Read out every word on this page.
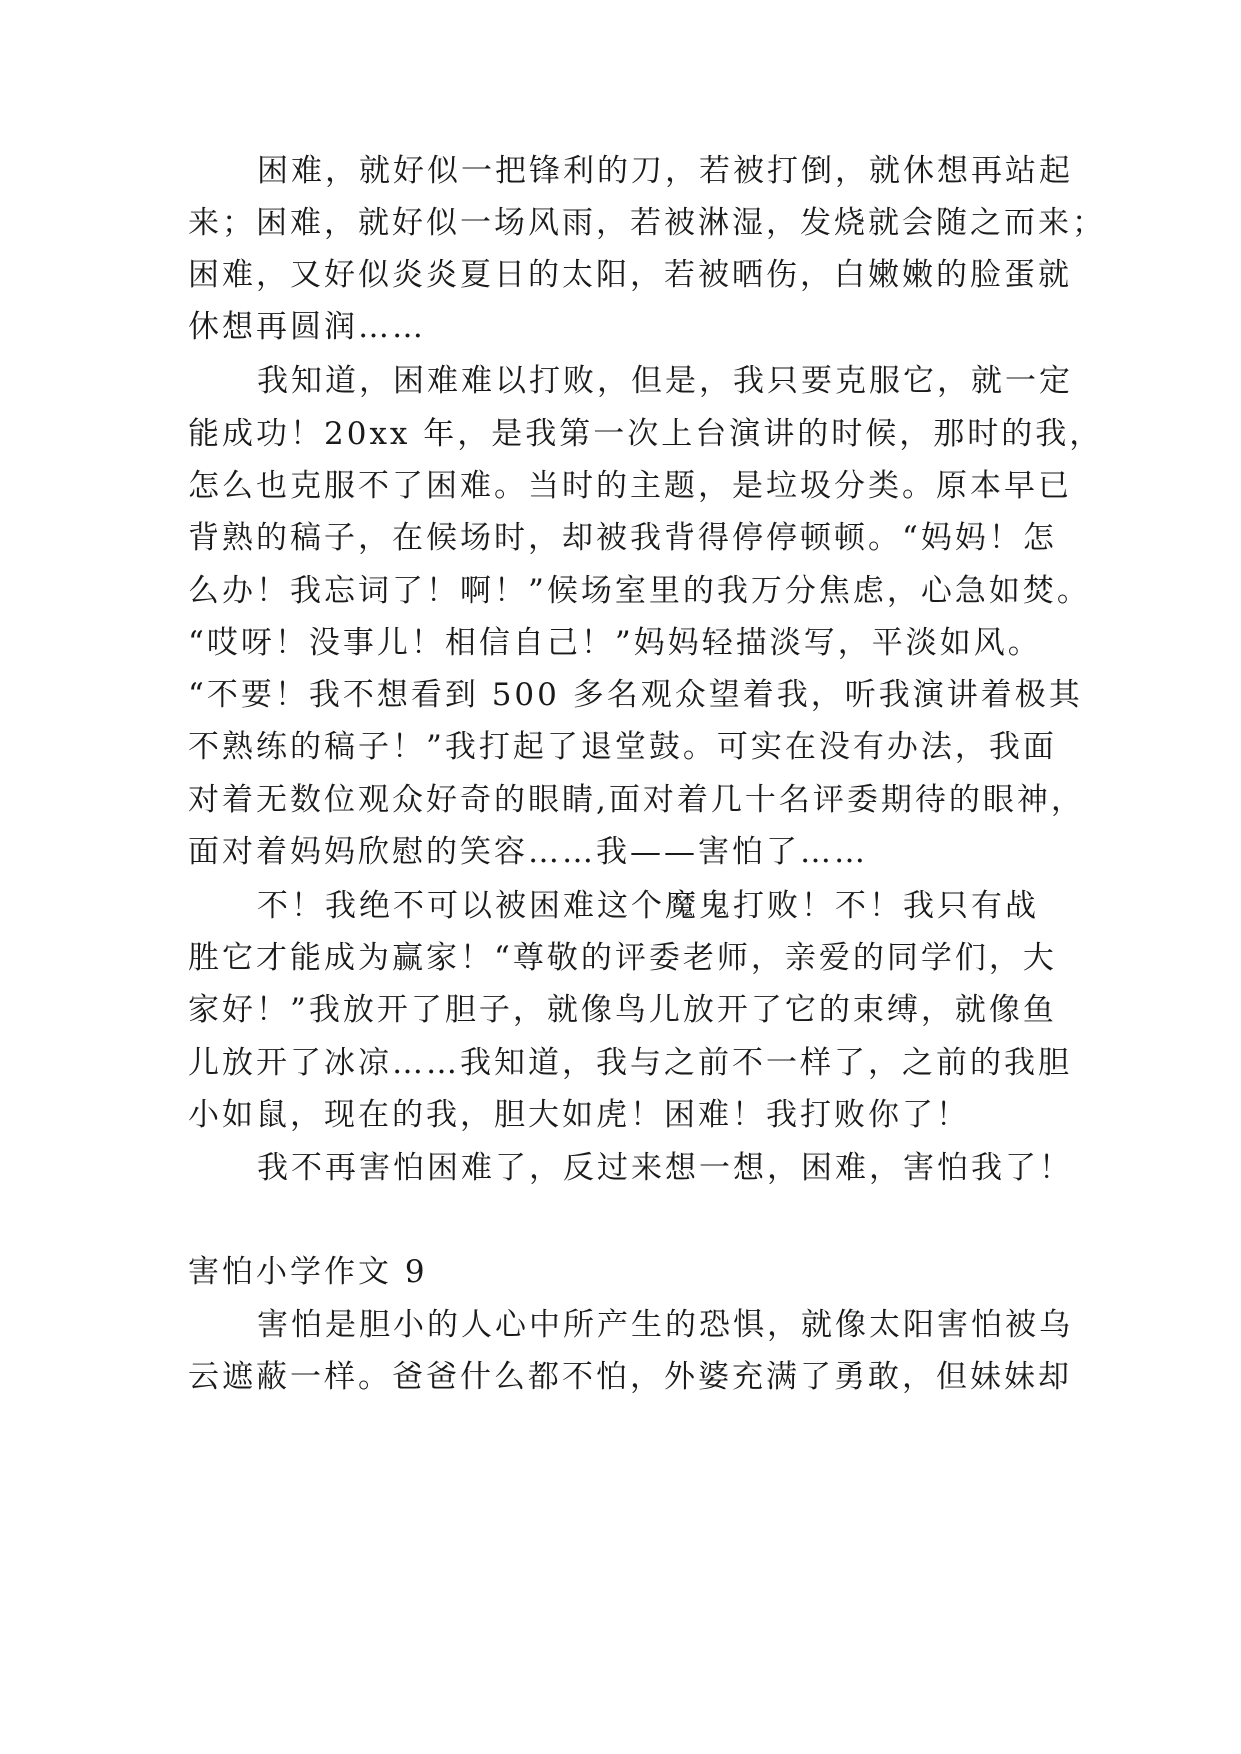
困难，就好似一把锋利的刀，若被打倒，就休想再站起
来；困难，就好似一场风雨，若被淋湿，发烧就会随之而来；
困难，又好似炎炎夏日的太阳，若被晒伤，白嫩嫩的脸蛋就
休想再圆润……
我知道，困难难以打败，但是，我只要克服它，就一定
能成功！20xx 年，是我第一次上台演讲的时候，那时的我，
怎么也克服不了困难。当时的主题，是垃圾分类。原本早已
背熟的稿子，在候场时，却被我背得停停顿顿。“妈妈！怎
么办！我忘词了！啊！”候场室里的我万分焦虑，心急如焚。
“哎呀！没事儿！相信自己！”妈妈轻描淡写，平淡如风。
“不要！我不想看到 500 多名观众望着我，听我演讲着极其
不熟练的稿子！”我打起了退堂鼓。可实在没有办法，我面
对着无数位观众好奇的眼睛,面对着几十名评委期待的眼神，
面对着妈妈欣慰的笑容……我——害怕了……
不！我绝不可以被困难这个魔鬼打败！不！我只有战
胜它才能成为赢家！“尊敬的评委老师，亲爱的同学们，大
家好！”我放开了胆子，就像鸟儿放开了它的束缚，就像鱼
儿放开了冰凉……我知道，我与之前不一样了，之前的我胆
小如鼠，现在的我，胆大如虎！困难！我打败你了！
我不再害怕困难了，反过来想一想，困难，害怕我了！
害怕小学作文 9
害怕是胆小的人心中所产生的恐惧，就像太阳害怕被乌
云遮蔽一样。爸爸什么都不怕，外婆充满了勇敢，但妹妹却
